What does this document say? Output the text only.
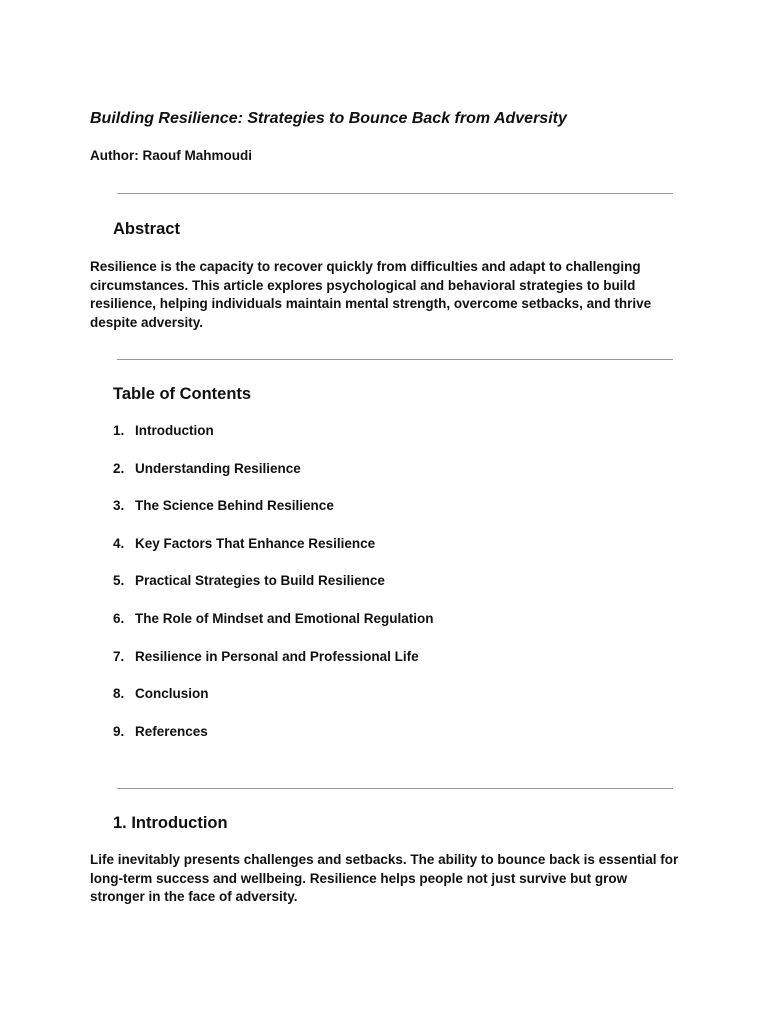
Building Resilience: Strategies to Bounce Back from Adversity

Author: Raouf Mahmoudi

Abstract

Resilience is the capacity to recover quickly from difficulties and adapt to challenging circumstances. This article explores psychological and behavioral strategies to build resilience, helping individuals maintain mental strength, overcome setbacks, and thrive despite adversity.

Table of Contents
1. Introduction
2. Understanding Resilience
3. The Science Behind Resilience
4. Key Factors That Enhance Resilience
5. Practical Strategies to Build Resilience
6. The Role of Mindset and Emotional Regulation
7. Resilience in Personal and Professional Life
8. Conclusion
9. References
1. Introduction

Life inevitably presents challenges and setbacks. The ability to bounce back is essential for long-term success and wellbeing. Resilience helps people not just survive but grow stronger in the face of adversity.
